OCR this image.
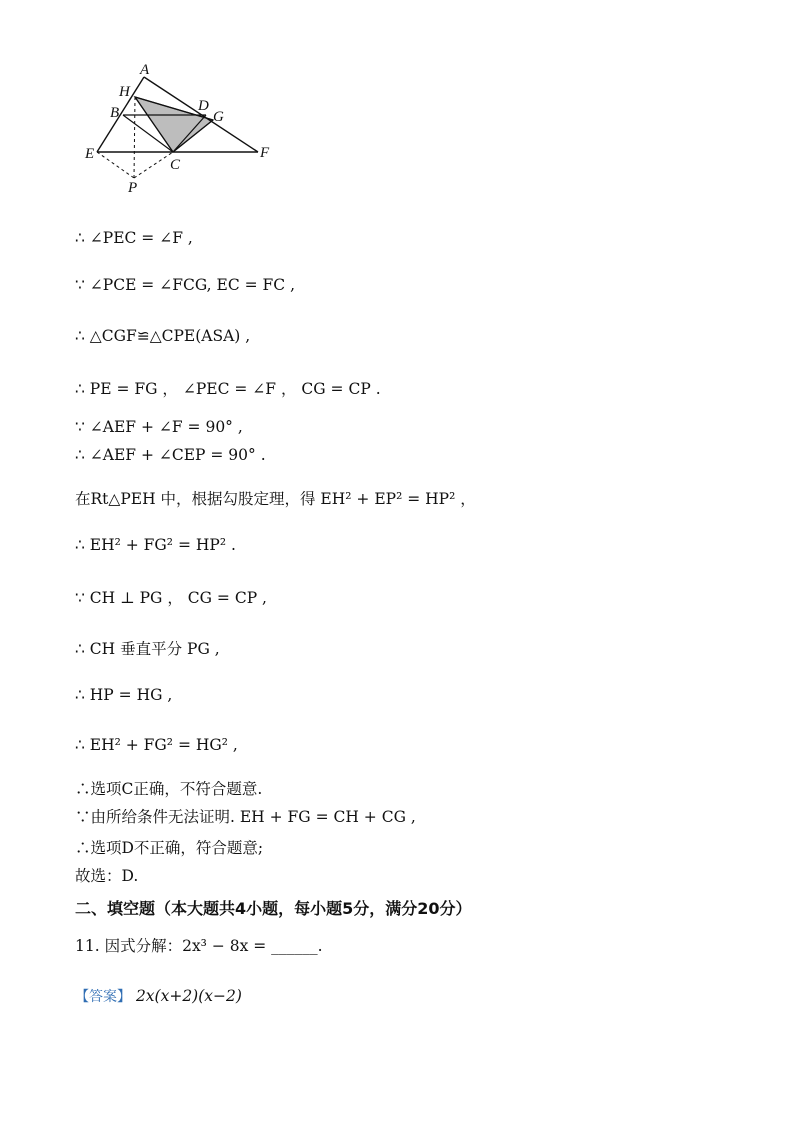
A
H
B	D
G
E
C
F
P
∴ ∠PEC = ∠F ,
∵ ∠PCE = ∠FCG, EC = FC ,
∴ △CGF≌△CPE(ASA) ,
∴ PE = FG ， ∠PEC = ∠F ， CG = CP .
∵ ∠AEF + ∠F = 90° ,
∴ ∠AEF + ∠CEP = 90° .
在Rt△PEH 中，根据勾股定理，得 EH² + EP² = HP² ，
∴ EH² + FG² = HP² .
∵ CH ⊥ PG ， CG = CP ,
∴ CH 垂直平分 PG ,
∴ HP = HG ,
∴ EH² + FG² = HG² ,
∴选项C正确，不符合题意.
∵由所给条件无法证明. EH + FG = CH + CG ,
∴选项D不正确，符合题意;
故选：D.
二、填空题（本大题共4小题，每小题5分，满分20分）
11. 因式分解：2x³ − 8x = ______.
【答案】 2x(x+2)(x−2)
